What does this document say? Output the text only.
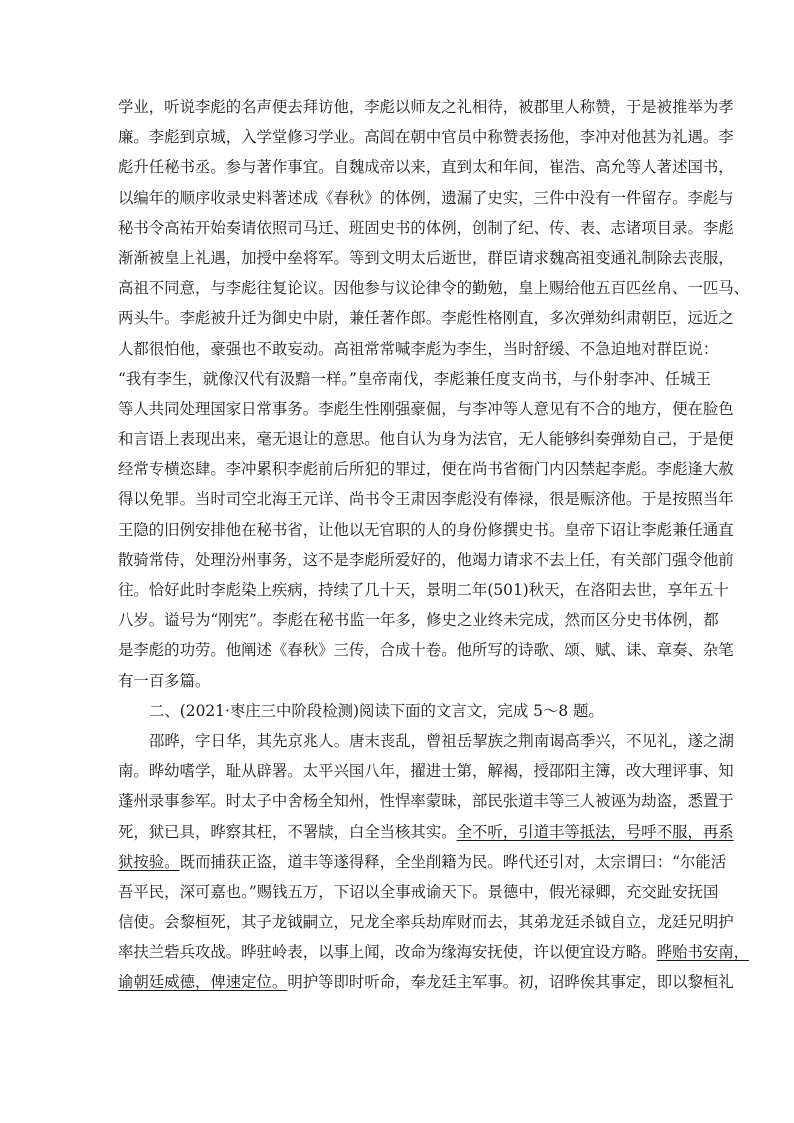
学业，听说李彪的名声便去拜访他，李彪以师友之礼相待，被郡里人称赞，于是被推举为孝
廉。李彪到京城，入学堂修习学业。高闾在朝中官员中称赞表扬他，李冲对他甚为礼遇。李
彪升任秘书丞。参与著作事宜。自魏成帝以来，直到太和年间，崔浩、高允等人著述国书，
以编年的顺序收录史料著述成《春秋》的体例，遗漏了史实，三件中没有一件留存。李彪与
秘书令高祐开始奏请依照司马迁、班固史书的体例，创制了纪、传、表、志诸项目录。李彪
渐渐被皇上礼遇，加授中垒将军。等到文明太后逝世，群臣请求魏高祖变通礼制除去丧服，
高祖不同意，与李彪往复论议。因他参与议论律令的勤勉，皇上赐给他五百匹丝帛、一匹马、
两头牛。李彪被升迁为御史中尉，兼任著作郎。李彪性格刚直，多次弹劾纠肃朝臣，远近之
人都很怕他，豪强也不敢妄动。高祖常常喊李彪为李生，当时舒缓、不急迫地对群臣说：
“我有李生，就像汉代有汲黯一样。”皇帝南伐，李彪兼任度支尚书，与仆射李冲、任城王
等人共同处理国家日常事务。李彪生性刚强豪倔，与李冲等人意见有不合的地方，便在脸色
和言语上表现出来，毫无退让的意思。他自认为身为法官，无人能够纠奏弹劾自己，于是便
经常专横恣肆。李冲累积李彪前后所犯的罪过，便在尚书省衙门内囚禁起李彪。李彪逢大赦
得以免罪。当时司空北海王元详、尚书令王肃因李彪没有俸禄，很是赈济他。于是按照当年
王隐的旧例安排他在秘书省，让他以无官职的人的身份修撰史书。皇帝下诏让李彪兼任通直
散骑常侍，处理汾州事务，这不是李彪所爱好的，他竭力请求不去上任，有关部门强令他前
往。恰好此时李彪染上疾病，持续了几十天，景明二年(501)秋天，在洛阳去世，享年五十
八岁。谥号为“刚宪”。李彪在秘书监一年多，修史之业终未完成，然而区分史书体例，都
是李彪的功劳。他阐述《春秋》三传，合成十卷。他所写的诗歌、颂、赋、诔、章奏、杂笔
有一百多篇。
二、(2021·枣庄三中阶段检测)阅读下面的文言文，完成 5～8 题。
邵晔，字日华，其先京兆人。唐末丧乱，曾祖岳挈族之荆南谒高季兴，不见礼，遂之湖
南。晔幼嗜学，耻从辟署。太平兴国八年，擢进士第，解褐，授邵阳主簿，改大理评事、知
蓬州录事参军。时太子中舍杨全知州，性悍率蒙昧，部民张道丰等三人被诬为劫盗，悉置于
死，狱已具，晔察其枉，不署牍，白全当核其实。全不听，引道丰等抵法，号呼不服，再系
狱按验。既而捕获正盗，道丰等遂得释，全坐削籍为民。晔代还引对，太宗谓曰：“尔能活
吾平民，深可嘉也。”赐钱五万，下诏以全事戒谕天下。景德中，假光禄卿，充交趾安抚国
信使。会黎桓死，其子龙钺嗣立，兄龙全率兵劫库财而去，其弟龙廷杀钺自立，龙廷兄明护
率扶兰砦兵攻战。晔驻岭表，以事上闻，改命为缘海安抚使，许以便宜设方略。晔贻书安南，
谕朝廷威德，俾速定位。明护等即时听命，奉龙廷主军事。初，诏晔俟其事定，即以黎桓礼
